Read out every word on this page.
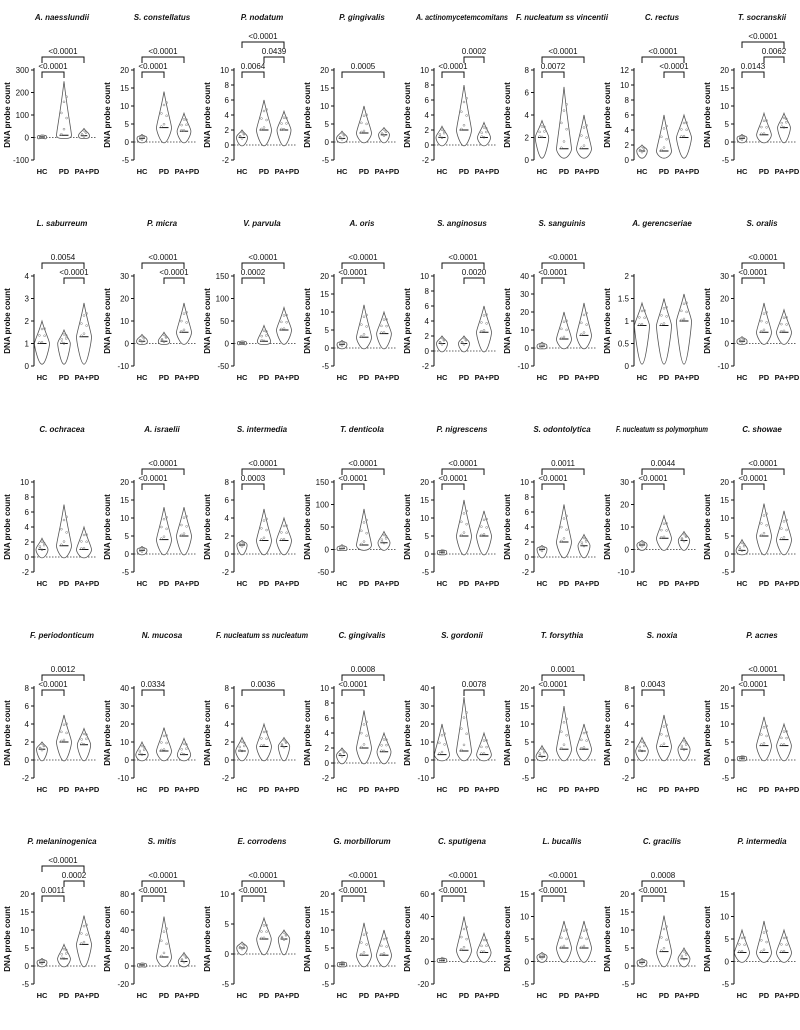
A. naesslundii
DNA probe count
-100
0
100
200
300
HC PD PA+PD
<0.0001
<0.0001
S. constellatus
DNA probe count
-5
0
5
10
15
20
HC PD PA+PD
<0.0001
<0.0001
P. nodatum
DNA probe count
-2
0
2
4
6
8
10
HC PD PA+PD
0.0064
0.0439
<0.0001
P. gingivalis
DNA probe count
-5
0
5
10
15
20
HC PD PA+PD
0.0005
A. actinomycetemcomitans
DNA probe count
-2
0
2
4
6
8
10
HC PD PA+PD
<0.0001
0.0002
F. nucleatum ss vincentii
DNA probe count
0
2
4
6
8
HC PD PA+PD
0.0072
<0.0001
C. rectus
DNA probe count
0
2
4
6
8
10
12
HC PD PA+PD
<0.0001
<0.0001
T. socranskii
DNA probe count
-5
0
5
10
15
20
HC PD PA+PD
0.0143
0.0062
<0.0001
L. saburreum
DNA probe count
0
1
2
3
4
HC PD PA+PD
<0.0001
0.0054
P. micra
DNA probe count
-10
0
10
20
30
HC PD PA+PD
<0.0001
<0.0001
V. parvula
DNA probe count
-50
0
50
100
150
HC PD PA+PD
0.0002
<0.0001
A. oris
DNA probe count
-5
0
5
10
15
20
HC PD PA+PD
<0.0001
<0.0001
S. anginosus
DNA probe count
-2
0
2
4
6
8
10
HC PD PA+PD
0.0020
<0.0001
S. sanguinis
DNA probe count
-10
0
10
20
30
40
HC PD PA+PD
<0.0001
<0.0001
A. gerencseriae
DNA probe count
0
0.5
1
1.5
2
HC PD PA+PD
S. oralis
DNA probe count
-10
0
10
20
30
HC PD PA+PD
<0.0001
<0.0001
C. ochracea
DNA probe count
-2
0
2
4
6
8
10
HC PD PA+PD
A. israelii
DNA probe count
-5
0
5
10
15
20
HC PD PA+PD
<0.0001
<0.0001
S. intermedia
DNA probe count
-2
0
2
4
6
8
HC PD PA+PD
0.0003
<0.0001
T. denticola
DNA probe count
-50
0
50
100
150
HC PD PA+PD
<0.0001
<0.0001
P. nigrescens
DNA probe count
-5
0
5
10
15
20
HC PD PA+PD
<0.0001
<0.0001
S. odontolytica
DNA probe count
-2
0
2
4
6
8
10
HC PD PA+PD
<0.0001
0.0011
F. nucleatum ss polymorphum
DNA probe count
-10
0
10
20
30
HC PD PA+PD
<0.0001
0.0044
C. showae
DNA probe count
-5
0
5
10
15
20
HC PD PA+PD
<0.0001
<0.0001
F. periodonticum
DNA probe count
-2
0
2
4
6
8
HC PD PA+PD
<0.0001
0.0012
N. mucosa
DNA probe count
-10
0
10
20
30
40
HC PD PA+PD
0.0334
F. nucleatum ss nucleatum
DNA probe count
-2
0
2
4
6
8
HC PD PA+PD
0.0036
C. gingivalis
DNA probe count
-2
0
2
4
6
8
10
HC PD PA+PD
<0.0001
0.0008
S. gordonii
DNA probe count
-10
0
10
20
30
40
HC PD PA+PD
0.0078
T. forsythia
DNA probe count
-5
0
5
10
15
20
HC PD PA+PD
<0.0001
0.0001
S. noxia
DNA probe count
-2
0
2
4
6
8
HC PD PA+PD
0.0043
P. acnes
DNA probe count
-5
0
5
10
15
20
HC PD PA+PD
<0.0001
<0.0001
P. melaninogenica
DNA probe count
-5
0
5
10
15
20
HC PD PA+PD
0.0011
0.0002
<0.0001
S. mitis
DNA probe count
-20
0
20
40
60
80
HC PD PA+PD
<0.0001
<0.0001
E. corrodens
DNA probe count
-5
0
5
10
HC PD PA+PD
<0.0001
<0.0001
G. morbillorum
DNA probe count
-5
0
5
10
15
20
HC PD PA+PD
<0.0001
<0.0001
C. sputigena
DNA probe count
-20
0
20
40
60
HC PD PA+PD
<0.0001
<0.0001
L. bucallis
DNA probe count
-5
0
5
10
15
HC PD PA+PD
<0.0001
<0.0001
C. gracilis
DNA probe count
-5
0
5
10
15
20
HC PD PA+PD
<0.0001
0.0008
P. intermedia
DNA probe count
-5
0
5
10
15
HC PD PA+PD
